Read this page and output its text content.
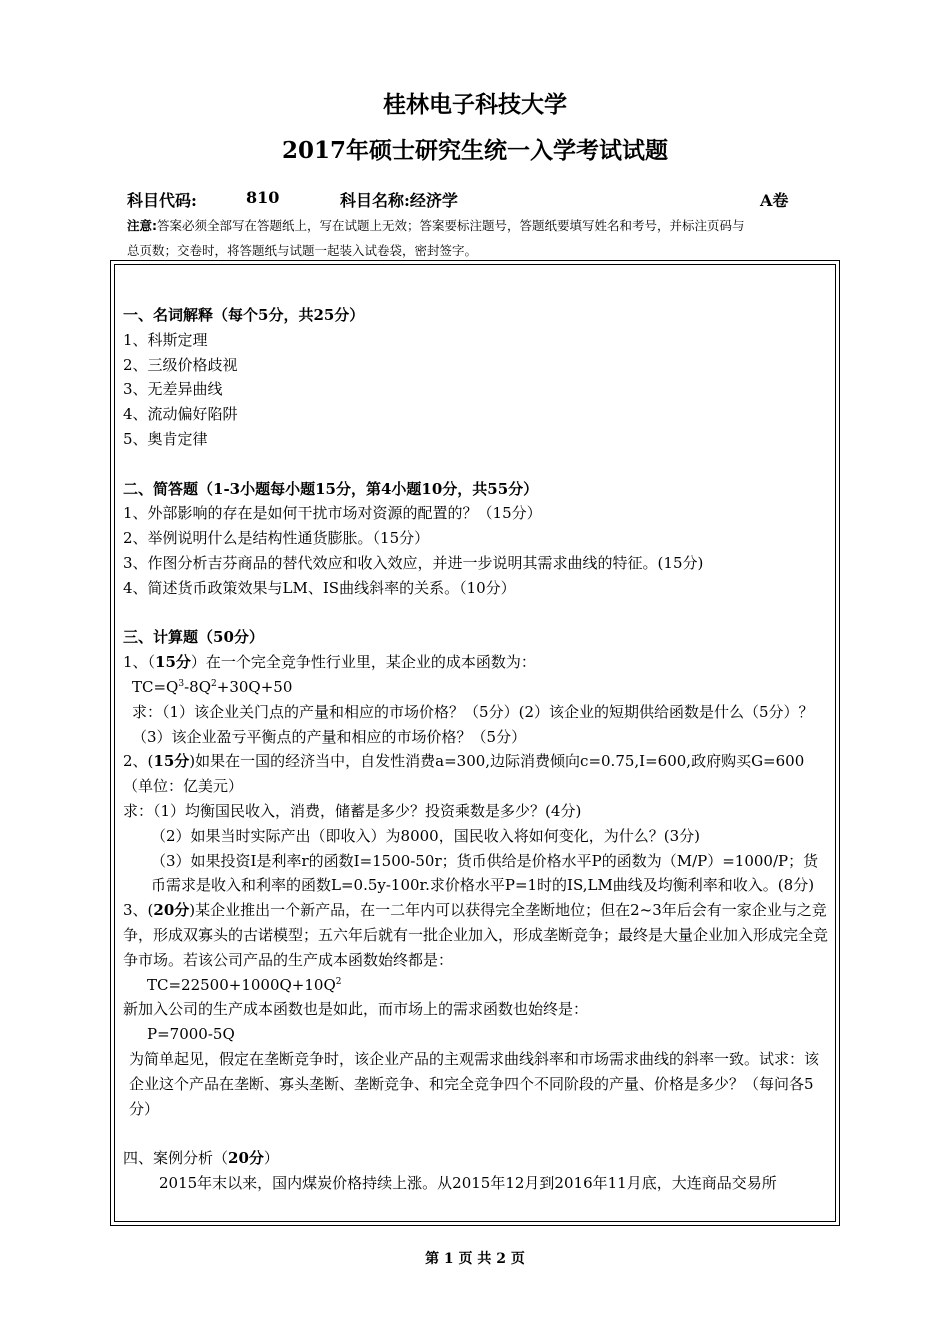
桂林电子科技大学
2017年硕士研究生统一入学考试试题
科目代码:	810	科目名称:经济学	A卷
注意:答案必须全部写在答题纸上，写在试题上无效；答案要标注题号，答题纸要填写姓名和考号，并标注页码与
总页数；交卷时，将答题纸与试题一起装入试卷袋，密封签字。

一、名词解释（每个5分，共25分）

1、科斯定理

2、三级价格歧视

3、无差异曲线

4、流动偏好陷阱

5、奥肯定律

二、简答题（1-3小题每小题15分，第4小题10分，共55分）

1、外部影响的存在是如何干扰市场对资源的配置的？（15分）

2、举例说明什么是结构性通货膨胀。（15分）

3、作图分析吉芬商品的替代效应和收入效应，并进一步说明其需求曲线的特征。(15分)

4、简述货币政策效果与LM、IS曲线斜率的关系。（10分）

三、计算题（50分）

1、（15分）在一个完全竞争性行业里，某企业的成本函数为：

$TC=Q^3-8Q^2+30Q+50$

求：（1）该企业关门点的产量和相应的市场价格？（5分）(2）该企业的短期供给函数是什么（5分）？（3）该企业盈亏平衡点的产量和相应的市场价格？（5分）

2、(15分)如果在一国的经济当中，自发性消费a=300,边际消费倾向c=0.75,I=600,政府购买G=600（单位：亿美元）

求：（1）均衡国民收入，消费，储蓄是多少？投资乘数是多少？(4分)

（2）如果当时实际产出（即收入）为8000，国民收入将如何变化，为什么？(3分)

（3）如果投资I是利率r的函数I=1500-50r；货币供给是价格水平P的函数为（M/P）=1000/P；货币需求是收入和利率的函数L=0.5y-100r.求价格水平P=1时的IS,LM曲线及均衡利率和收入。(8分)

3、(20分)某企业推出一个新产品，在一二年内可以获得完全垄断地位；但在2~3年后会有一家企业与之竞争，形成双寡头的古诺模型；五六年后就有一批企业加入，形成垄断竞争；最终是大量企业加入形成完全竞争市场。若该公司产品的生产成本函数始终都是：

$TC=22500+1000Q+10Q^2$

新加入公司的生产成本函数也是如此，而市场上的需求函数也始终是：

P=7000-5Q

为简单起见，假定在垄断竞争时，该企业产品的主观需求曲线斜率和市场需求曲线的斜率一致。试求：该企业这个产品在垄断、寡头垄断、垄断竞争、和完全竞争四个不同阶段的产量、价格是多少？（每问各5分）

四、案例分析（20分）

2015年末以来，国内煤炭价格持续上涨。从2015年12月到2016年11月底，大连商品交易所

第 1 页 共 2 页
